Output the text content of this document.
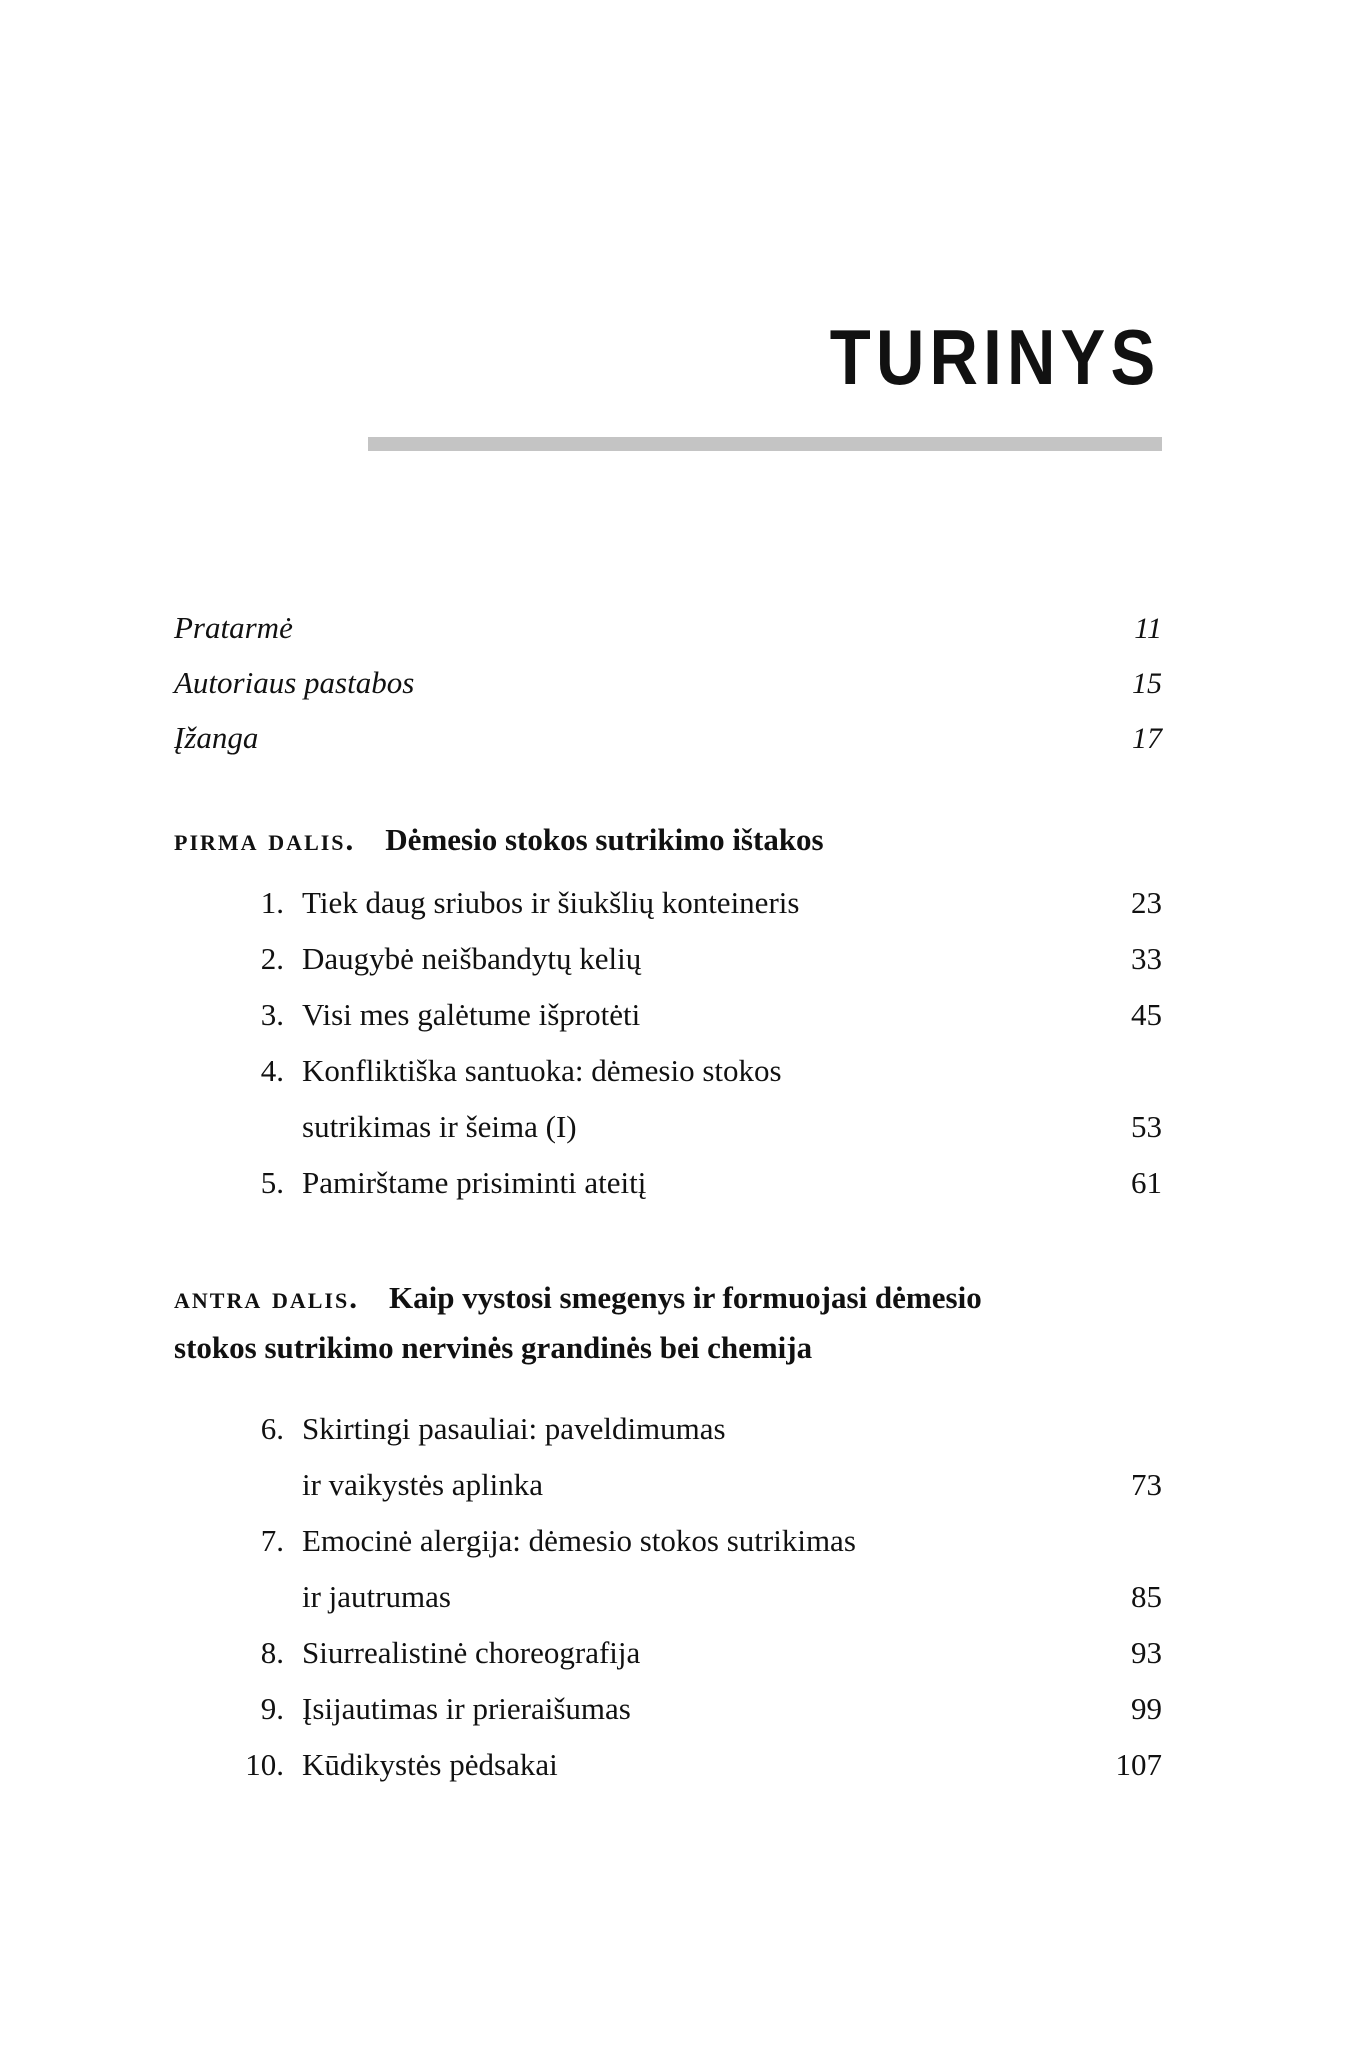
TURINYS
Pratarmė	11
Autoriaus pastabos	15
Įžanga	17
pirma dalis. Dėmesio stokos sutrikimo ištakos
1. Tiek daug sriubos ir šiukšlių konteineris	23
2. Daugybė neišbandytų kelių	33
3. Visi mes galėtume išprotėti	45
4. Konfliktiška santuoka: dėmesio stokos
sutrikimas ir šeima (I)	53
5. Pamirštame prisiminti ateitį	61
antra dalis. Kaip vystosi smegenys ir formuojasi dėmesio
stokos sutrikimo nervinės grandinės bei chemija
6. Skirtingi pasauliai: paveldimumas
ir vaikystės aplinka	73
7. Emocinė alergija: dėmesio stokos sutrikimas
ir jautrumas	85
8. Siurrealistinė choreografija	93
9. Įsijautimas ir prieraišumas	99
10. Kūdikystės pėdsakai	107
